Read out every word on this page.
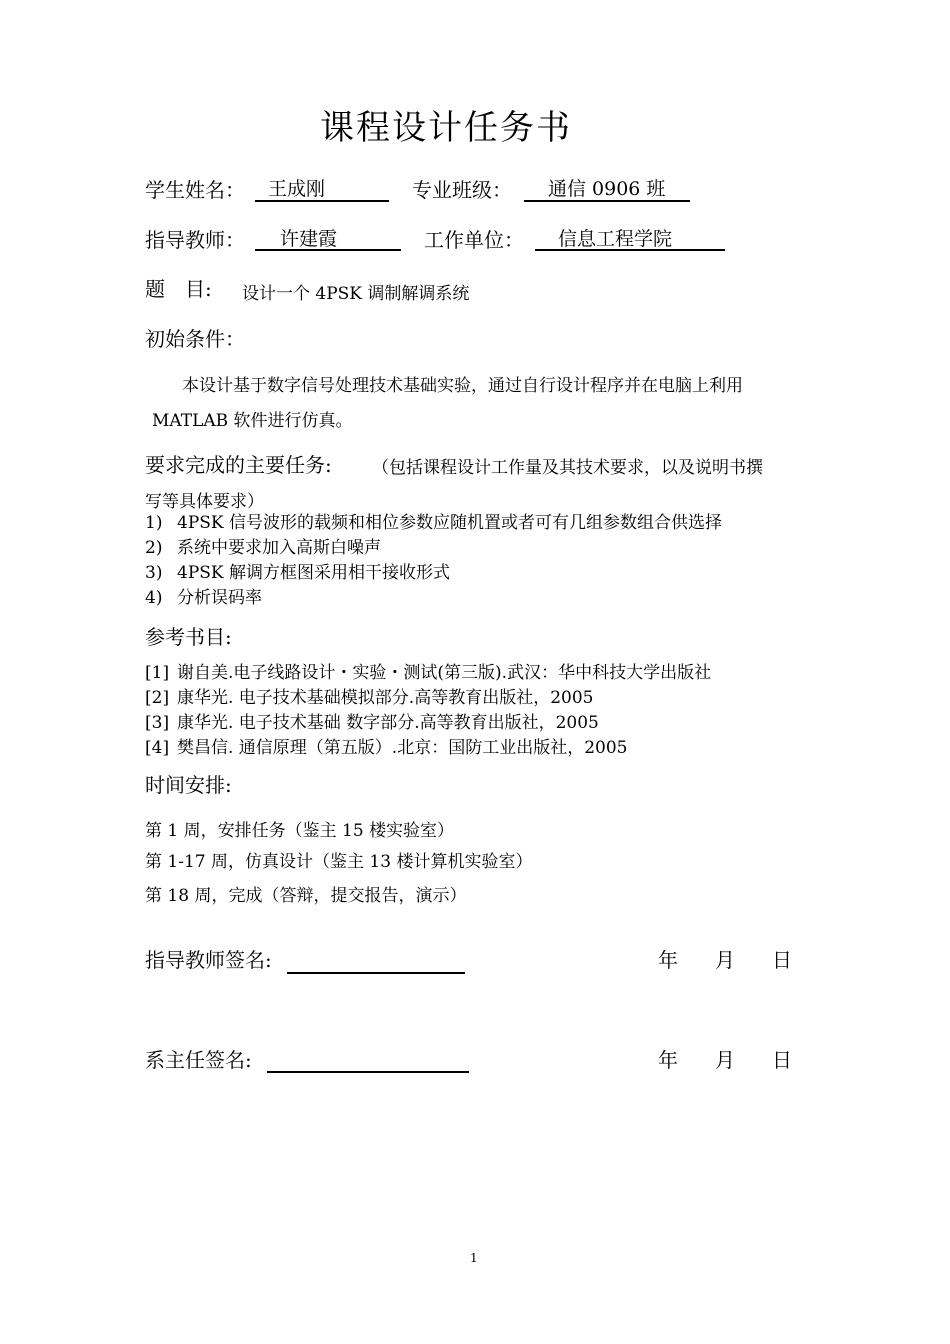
课程设计任务书
学生姓名： 王成刚	专业班级： 通信 0906 班
指导教师： 许建霞	工作单位： 信息工程学院
题　目: 设计一个 4PSK 调制解调系统
初始条件：
本设计基于数字信号处理技术基础实验，通过自行设计程序并在电脑上利用
MATLAB 软件进行仿真。
要求完成的主要任务: （包括课程设计工作量及其技术要求，以及说明书撰
写等具体要求）
1) 4PSK 信号波形的载频和相位参数应随机置或者可有几组参数组合供选择
2) 系统中要求加入高斯白噪声
3) 4PSK 解调方框图采用相干接收形式
4) 分析误码率
参考书目:
[1] 谢自美.电子线路设计・实验・测试(第三版).武汉：华中科技大学出版社
[2] 康华光. 电子技术基础模拟部分.高等教育出版社，2005
[3] 康华光. 电子技术基础 数字部分.高等教育出版社，2005
[4] 樊昌信. 通信原理（第五版）.北京：国防工业出版社，2005
时间安排:
第 1 周，安排任务（鉴主 15 楼实验室）
第 1-17 周，仿真设计（鉴主 13 楼计算机实验室）
第 18 周，完成（答辩，提交报告，演示）
指导教师签名:	年 月 日
系主任签名:	年 月 日
1
